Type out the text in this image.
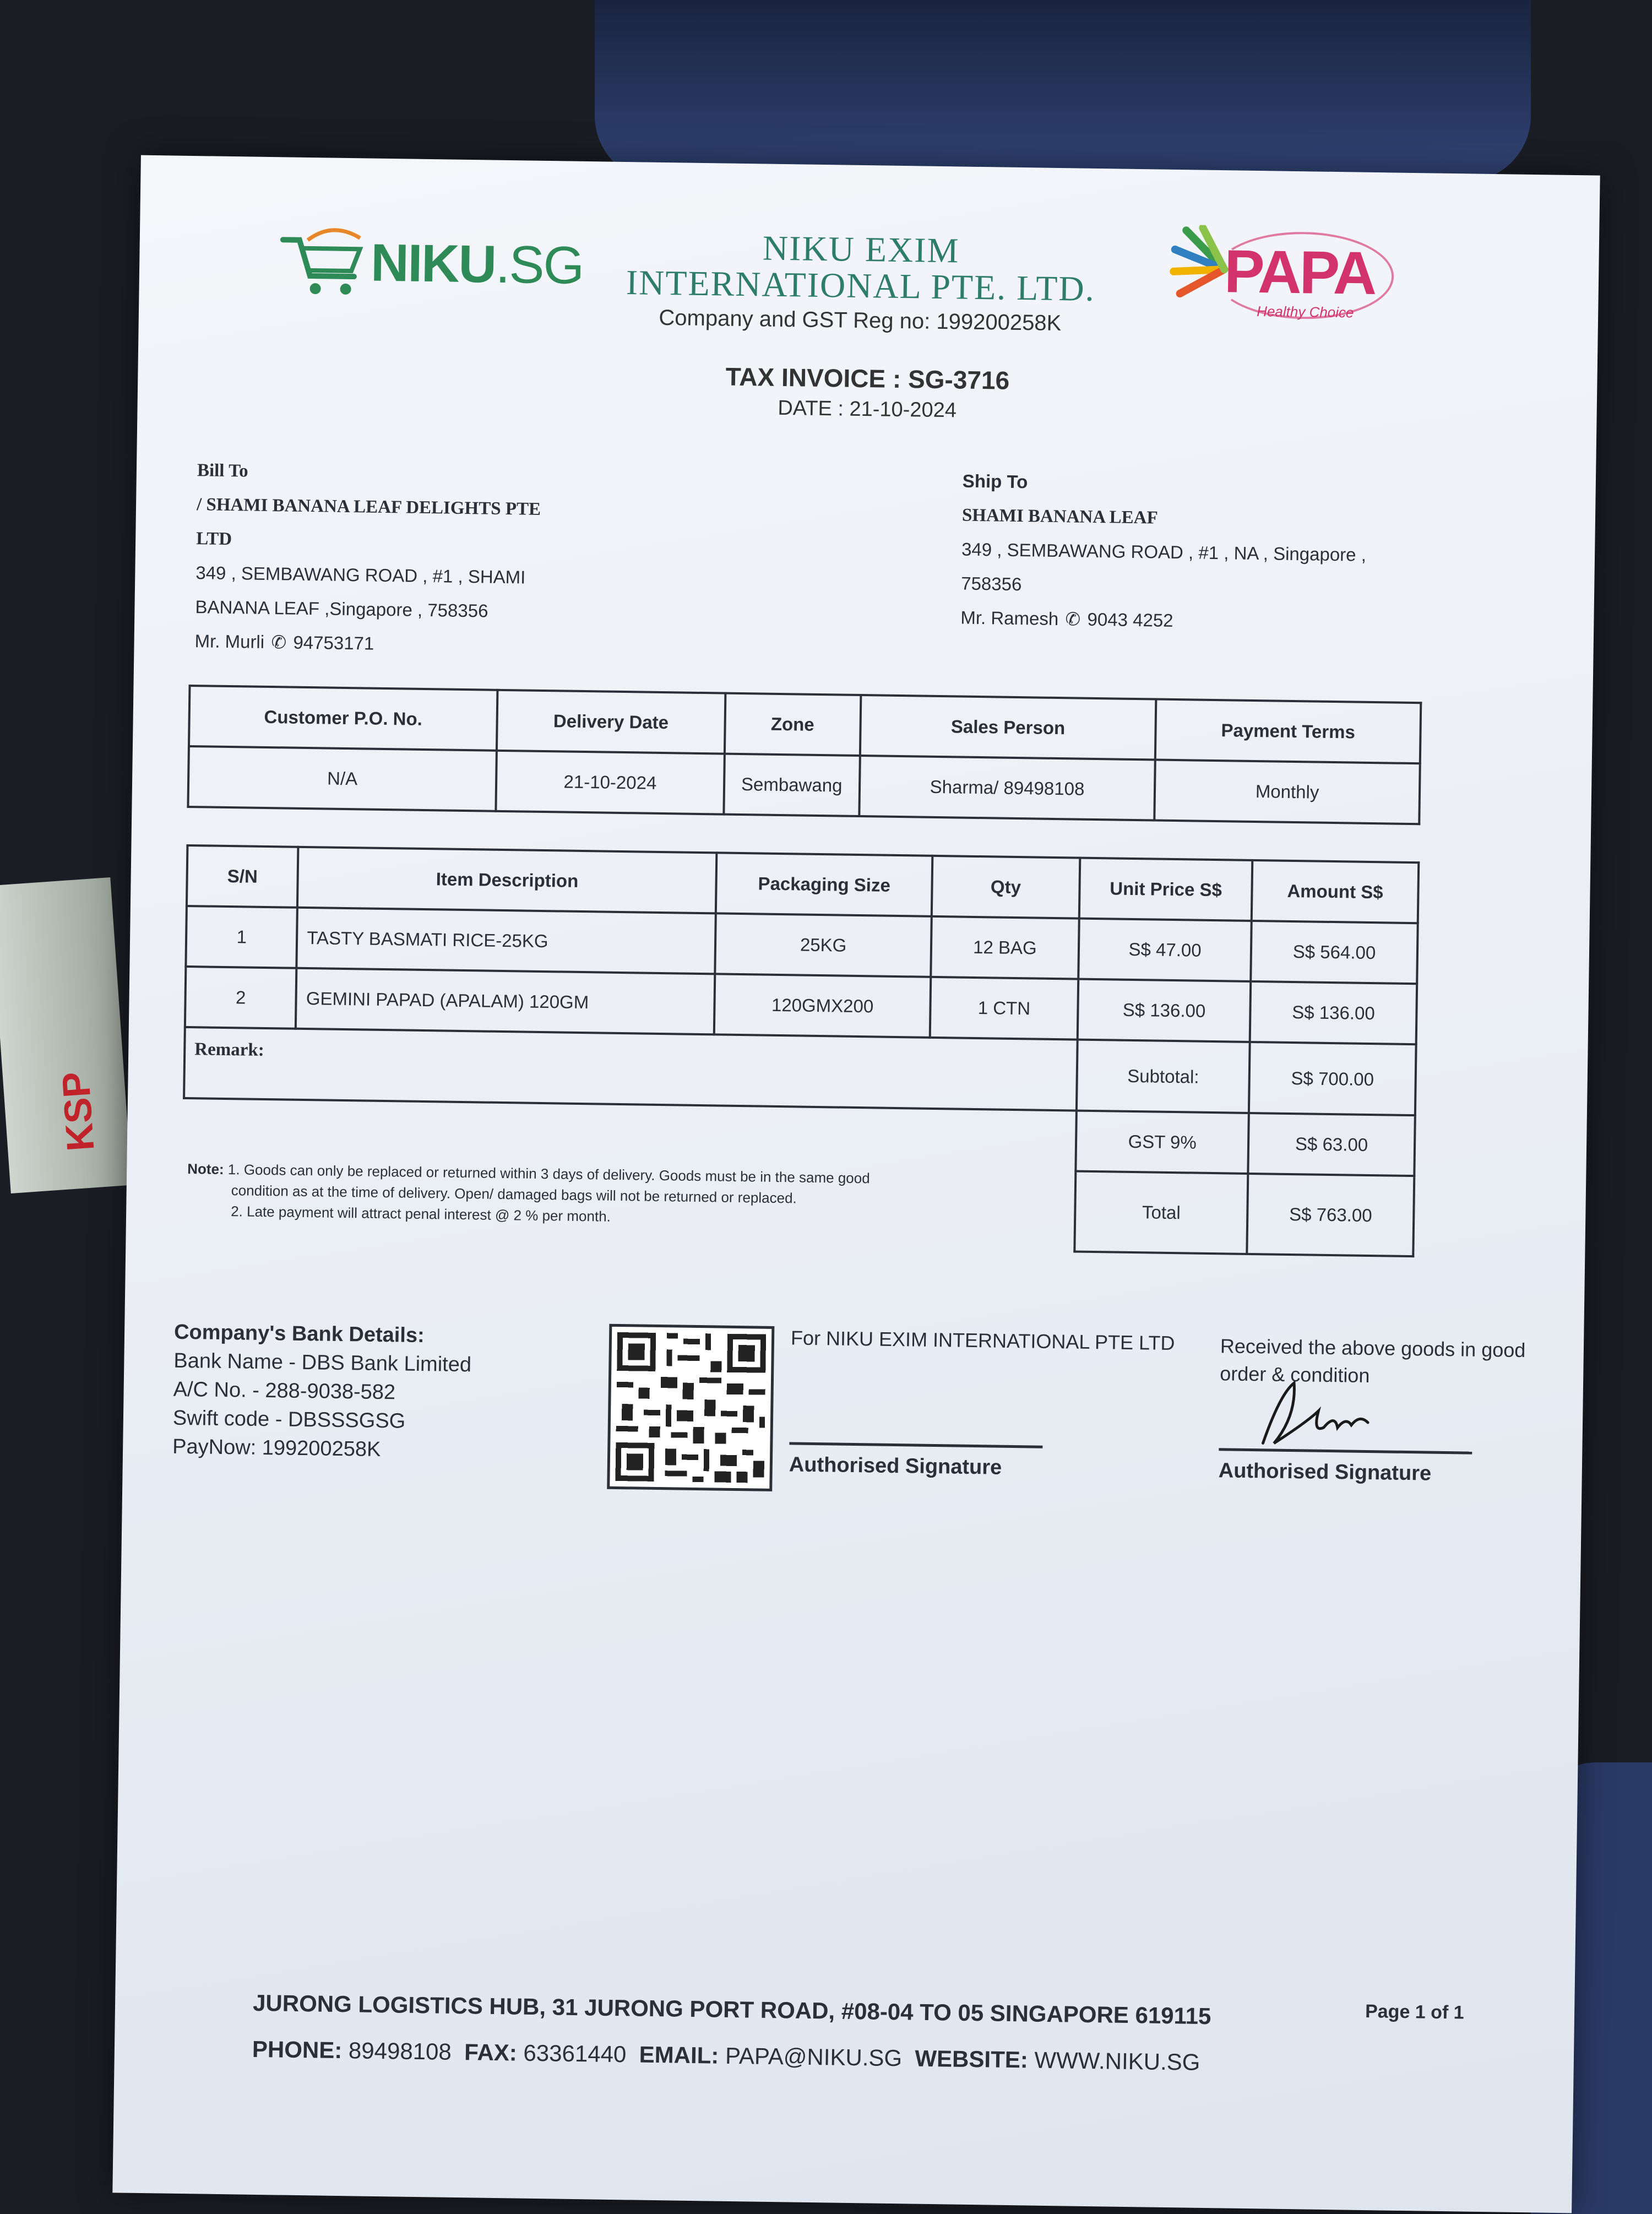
KSP
NIKU.SG	NIKU EXIM
INTERNATIONAL PTE. LTD.
Company and GST Reg no: 199200258K
PAPA
Healthy Choice
TAX INVOICE : SG-3716
DATE : 21-10-2024
Bill To
/ SHAMI BANANA LEAF DELIGHTS PTE
LTD
349 , SEMBAWANG ROAD , #1 , SHAMI
BANANA LEAF ,Singapore , 758356
Mr. Murli ✆ 94753171
Ship To
SHAMI BANANA LEAF
349 , SEMBAWANG ROAD , #1 , NA , Singapore ,
758356
Mr. Ramesh ✆ 9043 4252
Customer P.O. No.	Delivery Date	Zone	Sales Person	Payment Terms
N/A	21-10-2024	Sembawang	Sharma/ 89498108	Monthly
S/N	Item Description	Packaging Size	Qty	Unit Price S$	Amount S$
1	TASTY BASMATI RICE-25KG	25KG	12 BAG	S$ 47.00	S$ 564.00
2	GEMINI PAPAD (APALAM) 120GM	120GMX200	1 CTN	S$ 136.00	S$ 136.00
Remark:				Subtotal:	S$ 700.00
				GST 9%	S$ 63.00
				Total	S$ 763.00
Note: 1. Goods can only be replaced or returned within 3 days of delivery. Goods must be in the same good
condition as at the time of delivery. Open/ damaged bags will not be returned or replaced.
2. Late payment will attract penal interest @ 2 % per month.
Company's Bank Details:
Bank Name - DBS Bank Limited
A/C No. - 288-9038-582
Swift code - DBSSSGSG
PayNow: 199200258K
For NIKU EXIM INTERNATIONAL PTE LTD	Received the above goods in good order & condition
Authorised Signature	Authorised Signature
JURONG LOGISTICS HUB, 31 JURONG PORT ROAD, #08-04 TO 05 SINGAPORE 619115
PHONE: 89498108 FAX: 63361440 EMAIL: PAPA@NIKU.SG WEBSITE: WWW.NIKU.SG
Page 1 of 1
